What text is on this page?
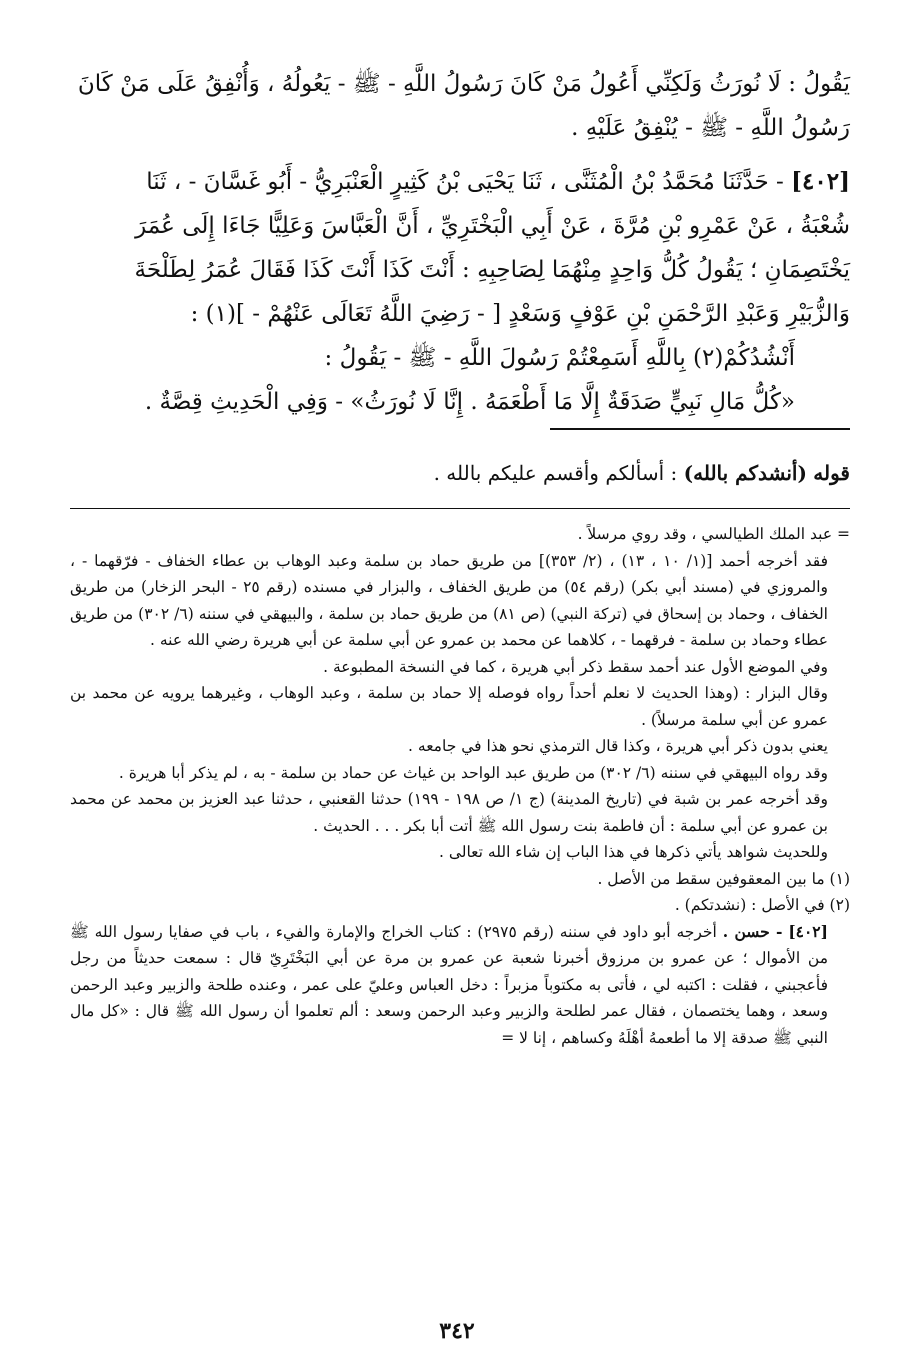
يَقُولُ : لَا نُورَثُ وَلَكِنِّي أَعُولُ مَنْ كَانَ رَسُولُ اللَّهِ - ﷺ - يَعُولُهُ ، وَأُنْفِقُ عَلَى مَنْ كَانَ

رَسُولُ اللَّهِ - ﷺ - يُنْفِقُ عَلَيْهِ .

[٤٠٢] - حَدَّثَنَا مُحَمَّدُ بْنُ الْمُثَنَّى ، ثَنَا يَحْيَى بْنُ كَثِيرٍ الْعَنْبَرِيُّ - أَبُو غَسَّانَ - ، ثَنَا

شُعْبَةُ ، عَنْ عَمْرِو بْنِ مُرَّةَ ، عَنْ أَبِي الْبَخْتَرِيِّ ، أَنَّ الْعَبَّاسَ وَعَلِيًّا جَاءَا إِلَى عُمَرَ

يَخْتَصِمَانِ ؛ يَقُولُ كُلُّ وَاحِدٍ مِنْهُمَا لِصَاحِبِهِ : أَنْتَ كَذَا أَنْتَ كَذَا فَقَالَ عُمَرُ لِطَلْحَةَ

وَالزُّبَيْرِ وَعَبْدِ الرَّحْمَنِ بْنِ عَوْفٍ وَسَعْدٍ [ - رَضِيَ اللَّهُ تَعَالَى عَنْهُمْ - ](١) :

أَنْشُدُكُمْ(٢) بِاللَّهِ أَسَمِعْتُمْ رَسُولَ اللَّهِ - ﷺ - يَقُولُ :

«كُلُّ مَالِ نَبِيٍّ صَدَقَةٌ إِلَّا مَا أَطْعَمَهُ . إِنَّا لَا نُورَثُ» - وَفِي الْحَدِيثِ قِصَّةٌ .

قوله (أنشدكم بالله) : أسألكم وأقسم عليكم بالله .

= عبد الملك الطيالسي ، وقد روي مرسلاً .

فقد أخرجه أحمد [(١/ ١٠ ، ١٣) ، (٢/ ٣٥٣)] من طريق حماد بن سلمة وعبد الوهاب بن عطاء الخفاف - فرّقهما - ، والمروزي في (مسند أبي بكر) (رقم ٥٤) من طريق الخفاف ، والبزار في مسنده (رقم ٢٥ - البحر الزخار) من طريق الخفاف ، وحماد بن إسحاق في (تركة النبي) (ص ٨١) من طريق حماد بن سلمة ، والبيهقي في سننه (٦/ ٣٠٢) من طريق عطاء وحماد بن سلمة - فرقهما - ، كلاهما عن محمد بن عمرو عن أبي سلمة عن أبي هريرة رضي الله عنه .

وفي الموضع الأول عند أحمد سقط ذكر أبي هريرة ، كما في النسخة المطبوعة .

وقال البزار : (وهذا الحديث لا نعلم أحداً رواه فوصله إلا حماد بن سلمة ، وعبد الوهاب ، وغيرهما يرويه عن محمد بن عمرو عن أبي سلمة مرسلاً) .

يعني بدون ذكر أبي هريرة ، وكذا قال الترمذي نحو هذا في جامعه .

وقد رواه البيهقي في سننه (٦/ ٣٠٢) من طريق عبد الواحد بن غياث عن حماد بن سلمة - به ، لم يذكر أبا هريرة .

وقد أخرجه عمر بن شبة في (تاريخ المدينة) (ج ١/ ص ١٩٨ - ١٩٩) حدثنا القعنبي ، حدثنا عبد العزيز بن محمد عن محمد بن عمرو عن أبي سلمة : أن فاطمة بنت رسول الله ﷺ أتت أبا بكر . . . الحديث .

وللحديث شواهد يأتي ذكرها في هذا الباب إن شاء الله تعالى .

(١) ما بين المعقوفين سقط من الأصل .

(٢) في الأصل : (نشدتكم) .

[٤٠٢] - حسن . أخرجه أبو داود في سننه (رقم ٢٩٧٥) : كتاب الخراج والإمارة والفيء ، باب في صفايا رسول الله ﷺ من الأموال ؛ عن عمرو بن مرزوق أخبرنا شعبة عن عمرو بن مرة عن أبي البَخْتَرِيّ قال : سمعت حديثاً من رجل فأعجبني ، فقلت : اكتبه لي ، فأتى به مكتوباً مزبراً : دخل العباس وعليّ على عمر ، وعنده طلحة والزبير وعبد الرحمن وسعد ، وهما يختصمان ، فقال عمر لطلحة والزبير وعبد الرحمن وسعد : ألم تعلموا أن رسول الله ﷺ قال : «كل مال النبي ﷺ صدقة إلا ما أطعمهُ أهْلَهُ وكساهم ، إنا لا =

٣٤٢
